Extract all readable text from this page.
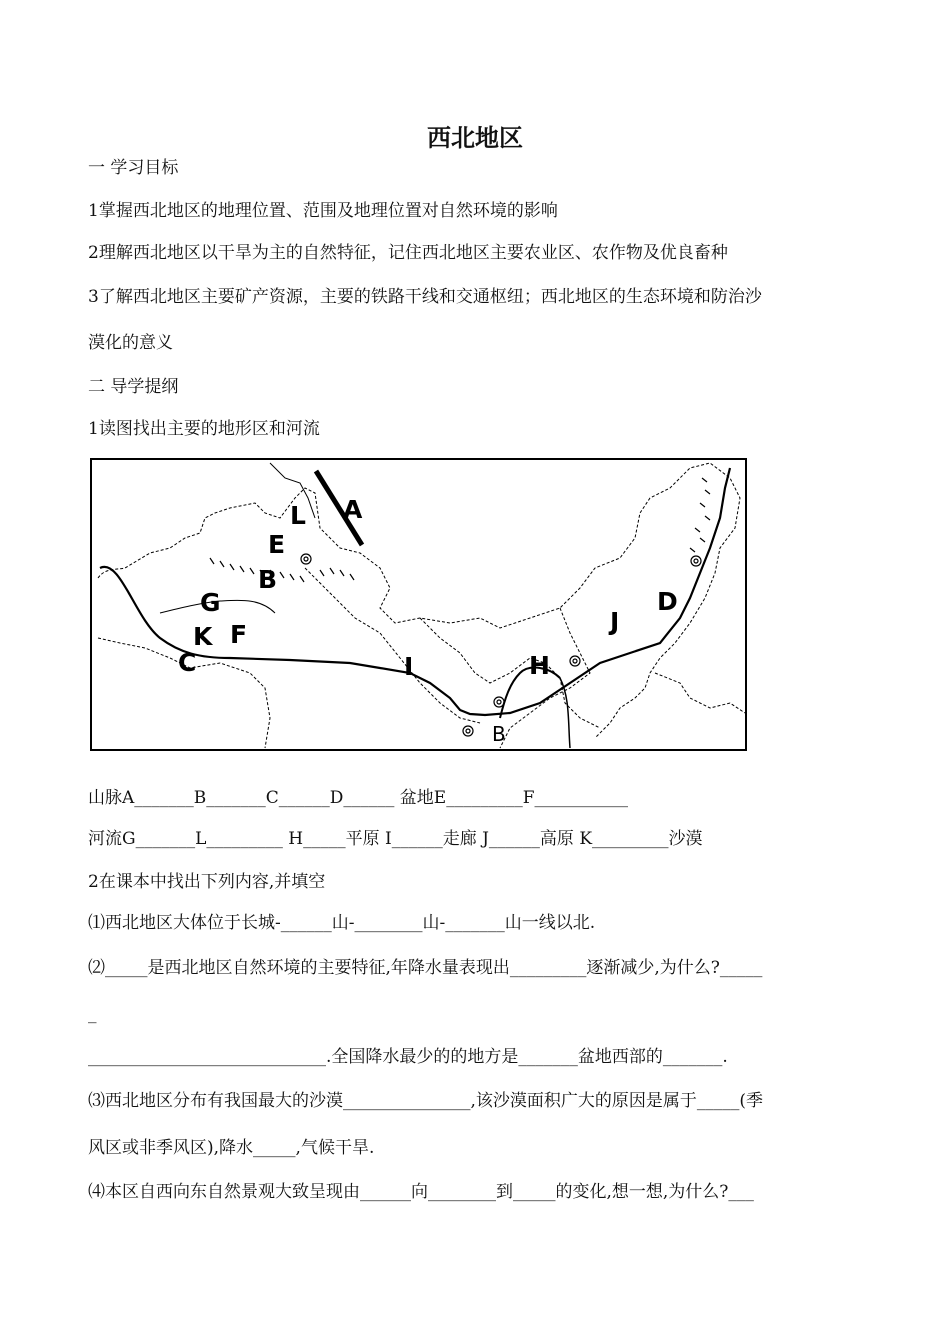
西北地区
一 学习目标
1掌握西北地区的地理位置、范围及地理位置对自然环境的影响
2理解西北地区以干旱为主的自然特征，记住西北地区主要农业区、农作物及优良畜种
3了解西北地区主要矿产资源，主要的铁路干线和交通枢纽；西北地区的生态环境和防治沙
漠化的意义
二 导学提纲
1读图找出主要的地形区和河流
A
B
C
D
E
F
G
H
I
J
K
L
B
山脉A_______B_______C______D______ 盆地E_________F___________
河流G_______L_________ H_____平原 I______走廊 J______高原 K_________沙漠
2在课本中找出下列内容,并填空
⑴西北地区大体位于长城-______山-________山-_______山一线以北.
⑵_____是西北地区自然环境的主要特征,年降水量表现出_________逐渐减少,为什么?_____
_
____________________________.全国降水最少的的地方是_______盆地西部的_______.
⑶西北地区分布有我国最大的沙漠_______________,该沙漠面积广大的原因是属于_____(季
风区或非季风区),降水_____,气候干旱.
⑷本区自西向东自然景观大致呈现由______向________到_____的变化,想一想,为什么?___
